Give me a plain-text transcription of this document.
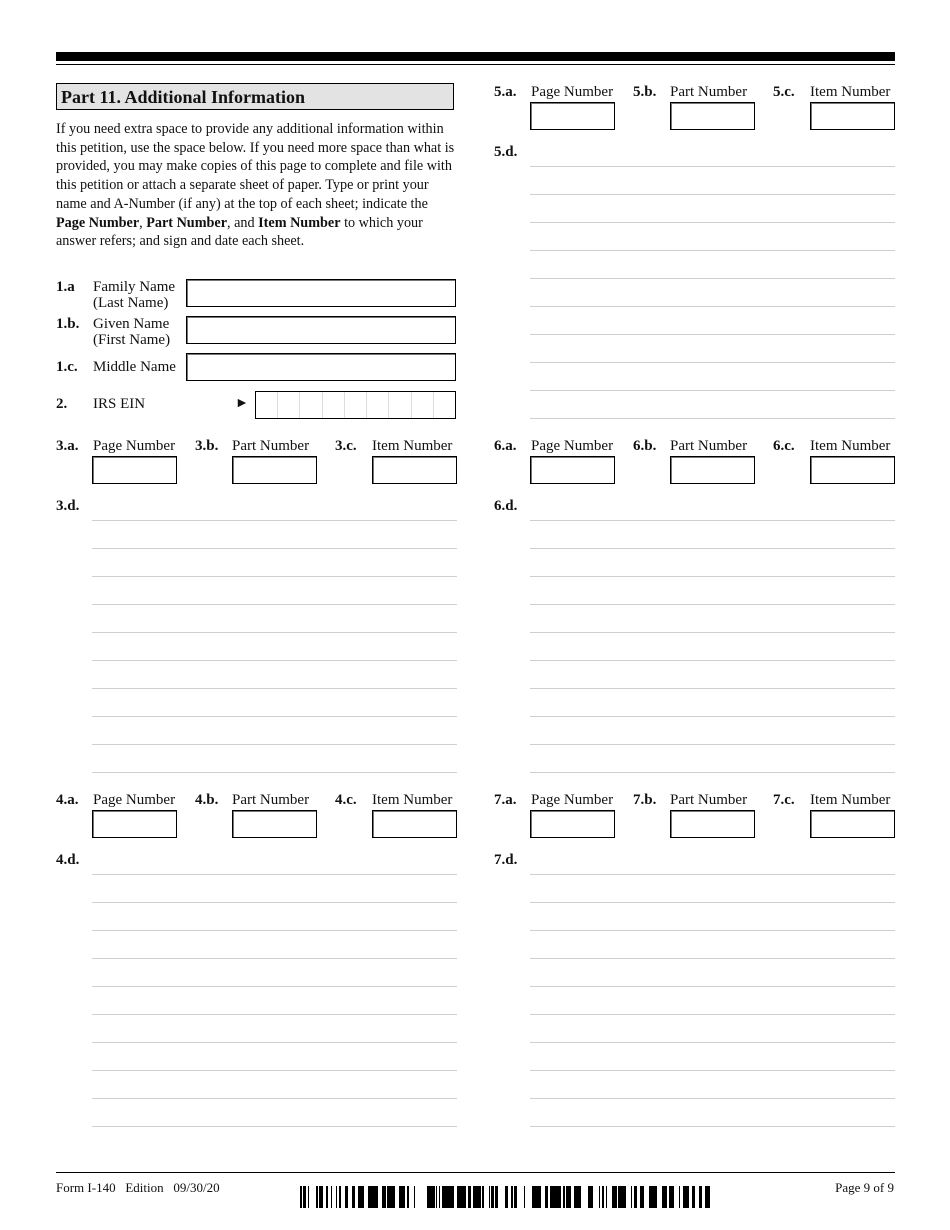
Part 11. Additional Information
If you need extra space to provide any additional information within this petition, use the space below. If you need more space than what is provided, you may make copies of this page to complete and file with this petition or attach a separate sheet of paper. Type or print your name and A-Number (if any) at the top of each sheet; indicate the Page Number, Part Number, and Item Number to which your answer refers; and sign and date each sheet.
1.a Family Name
(Last Name)
1.b. Given Name
(First Name)
1.c. Middle Name
2. IRS EIN	►
3.a. Page Number 3.b. Part Number 3.c. Item Number
3.d.
4.a. Page Number 4.b. Part Number 4.c. Item Number
4.d.
5.a. Page Number 5.b. Part Number 5.c. Item Number
5.d.
6.a. Page Number 6.b. Part Number 6.c. Item Number
6.d.
7.a. Page Number 7.b. Part Number 7.c. Item Number
7.d.
Form I-140   Edition   09/30/20	Page 9 of 9
